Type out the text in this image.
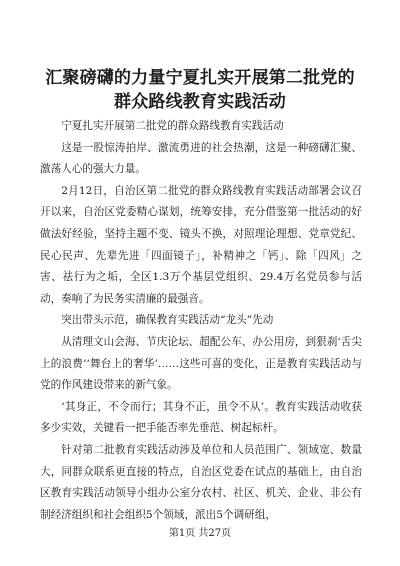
汇聚磅礴的力量宁夏扎实开展第二批党的群众路线教育实践活动

宁夏扎实开展第二批党的群众路线教育实践活动

这是一股惊涛拍岸、激流勇进的社会热潮，这是一种磅礴汇聚、激荡人心的强大力量。

2月12日，自治区第二批党的群众路线教育实践活动部署会议召开以来，自治区党委精心谋划，统筹安排，充分借鉴第一批活动的好做法好经验，坚持主题不变、镜头不换，对照理论理想、党章党纪、民心民声、先辈先进「四面镜子」，补精神之「钙」、除「四风」之害、祛行为之垢，全区1.3万个基层党组织、29.4万名党员参与活动，奏响了为民务实清廉的最强音。

突出带头示范，确保教育实践活动“龙头”先动

从清理文山会海、节庆论坛、超配公车、办公用房，到狠刹‘舌尖上的浪费’‘舞台上的奢华’……这些可喜的变化，正是教育实践活动与党的作风建设带来的新气象。

‘其身正，不令而行；其身不正，虽令不从’。教育实践活动收获多少实效，关键看一把手能否率先垂范、树起标杆。

针对第二批教育实践活动涉及单位和人员范围广、领域宽、数量大，同群众联系更直接的特点，自治区党委在试点的基础上，由自治区教育实践活动领导小组办公室分农村、社区、机关、企业、非公有制经济组织和社会组织5个领域，派出5个调研组，

第1页 共27页
